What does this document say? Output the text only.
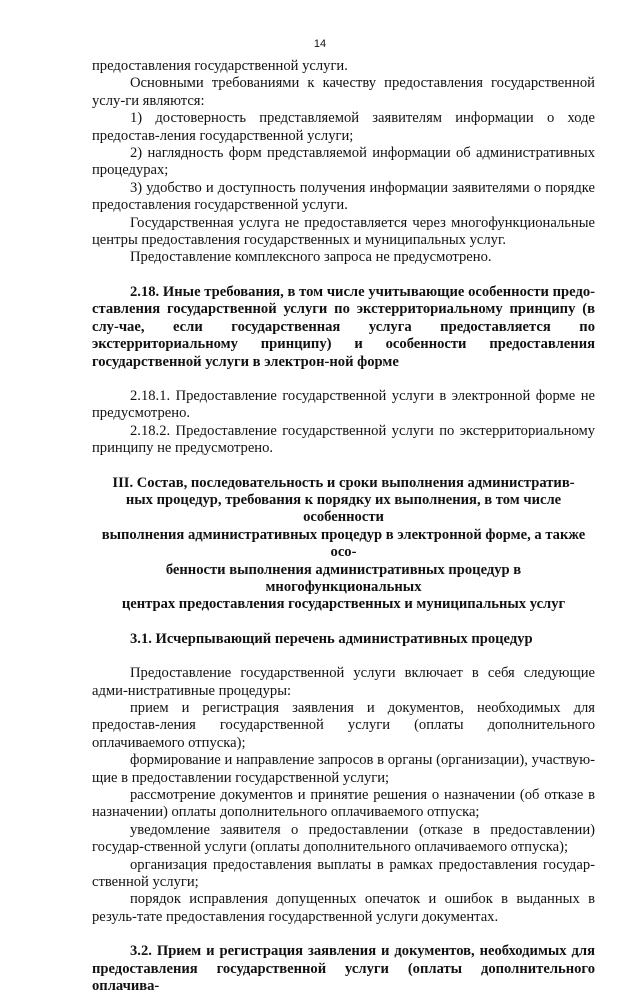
14

предоставления государственной услуги.

Основными требованиями к качеству предоставления государственной услу-ги являются:

1) достоверность представляемой заявителям информации о ходе предостав-ления государственной услуги;

2) наглядность форм представляемой информации об административных процедурах;

3) удобство и доступность получения информации заявителями о порядке предоставления государственной услуги.

Государственная услуга не предоставляется через многофункциональные центры предоставления государственных и муниципальных услуг.

Предоставление комплексного запроса не предусмотрено.

2.18. Иные требования, в том числе учитывающие особенности предо-ставления государственной услуги по экстерриториальному принципу (в слу-чае, если государственная услуга предоставляется по экстерриториальному принципу) и особенности предоставления государственной услуги в электрон-ной форме

2.18.1. Предоставление государственной услуги в электронной форме не предусмотрено.

2.18.2. Предоставление государственной услуги по экстерриториальному принципу не предусмотрено.

III. Состав, последовательность и сроки выполнения административ-

ных процедур, требования к порядку их выполнения, в том числе особенности

выполнения административных процедур в электронной форме, а также осо-

бенности выполнения административных процедур в многофункциональных

центрах предоставления государственных и муниципальных услуг

3.1. Исчерпывающий перечень административных процедур

Предоставление государственной услуги включает в себя следующие адми-нистративные процедуры:

прием и регистрация заявления и документов, необходимых для предостав-ления государственной услуги (оплаты дополнительного оплачиваемого отпуска);

формирование и направление запросов в органы (организации), участвую-щие в предоставлении государственной услуги;

рассмотрение документов и принятие решения о назначении (об отказе в назначении) оплаты дополнительного оплачиваемого отпуска;

уведомление заявителя о предоставлении (отказе в предоставлении) государ-ственной услуги (оплаты дополнительного оплачиваемого отпуска);

организация предоставления выплаты в рамках предоставления государ-ственной услуги;

порядок исправления допущенных опечаток и ошибок в выданных в резуль-тате предоставления государственной услуги документах.

3.2. Прием и регистрация заявления и документов, необходимых для предоставления государственной услуги (оплаты дополнительного оплачива-
